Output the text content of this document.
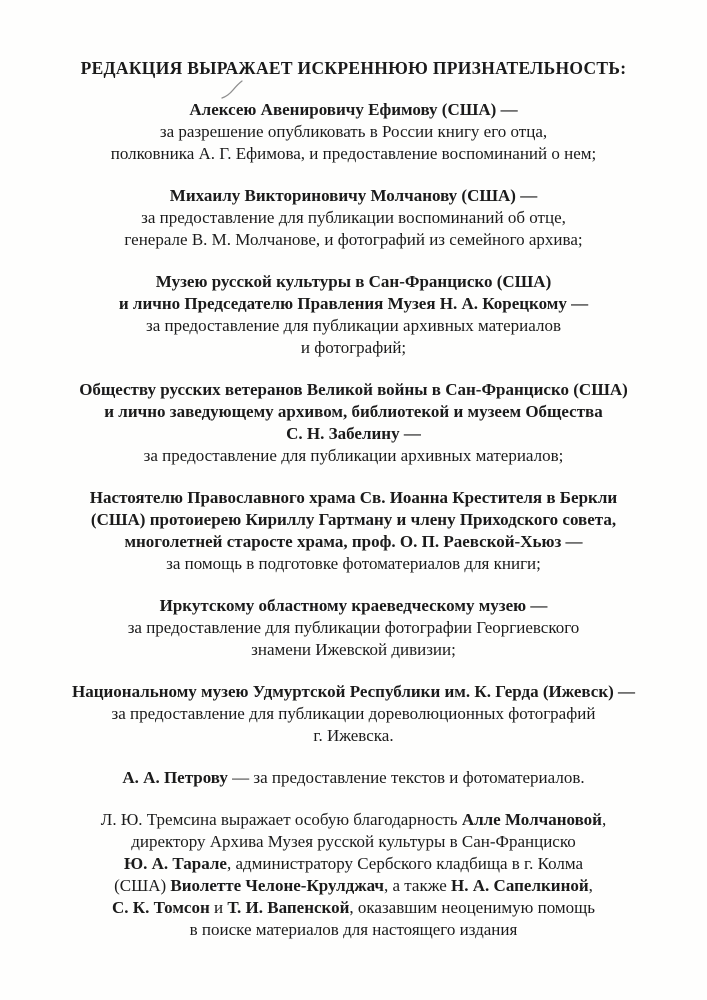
РЕДАКЦИЯ ВЫРАЖАЕТ ИСКРЕННЮЮ ПРИЗНАТЕЛЬНОСТЬ:
Алексею Авенировичу Ефимову (США) —
за разрешение опубликовать в России книгу его отца,
полковника А. Г. Ефимова, и предоставление воспоминаний о нем;
Михаилу Викториновичу Молчанову (США) —
за предоставление для публикации воспоминаний об отце,
генерале В. М. Молчанове, и фотографий из семейного архива;
Музею русской культуры в Сан-Франциско (США)
и лично Председателю Правления Музея Н. А. Корецкому —
за предоставление для публикации архивных материалов
и фотографий;
Обществу русских ветеранов Великой войны в Сан-Франциско (США)
и лично заведующему архивом, библиотекой и музеем Общества
С. Н. Забелину —
за предоставление для публикации архивных материалов;
Настоятелю Православного храма Св. Иоанна Крестителя в Беркли
(США) протоиерею Кириллу Гартману и члену Приходского совета,
многолетней старосте храма, проф. О. П. Раевской-Хьюз —
за помощь в подготовке фотоматериалов для книги;
Иркутскому областному краеведческому музею —
за предоставление для публикации фотографии Георгиевского
знамени Ижевской дивизии;
Национальному музею Удмуртской Республики им. К. Герда (Ижевск) —
за предоставление для публикации дореволюционных фотографий
г. Ижевска.
А. А. Петрову — за предоставление текстов и фотоматериалов.
Л. Ю. Тремсина выражает особую благодарность Алле Молчановой,
директору Архива Музея русской культуры в Сан-Франциско
Ю. А. Тарале, администратору Сербского кладбища в г. Колма
(США) Виолетте Челоне-Крулджач, а также Н. А. Сапелкиной,
С. К. Томсон и Т. И. Вапенской, оказавшим неоценимую помощь
в поиске материалов для настоящего издания
